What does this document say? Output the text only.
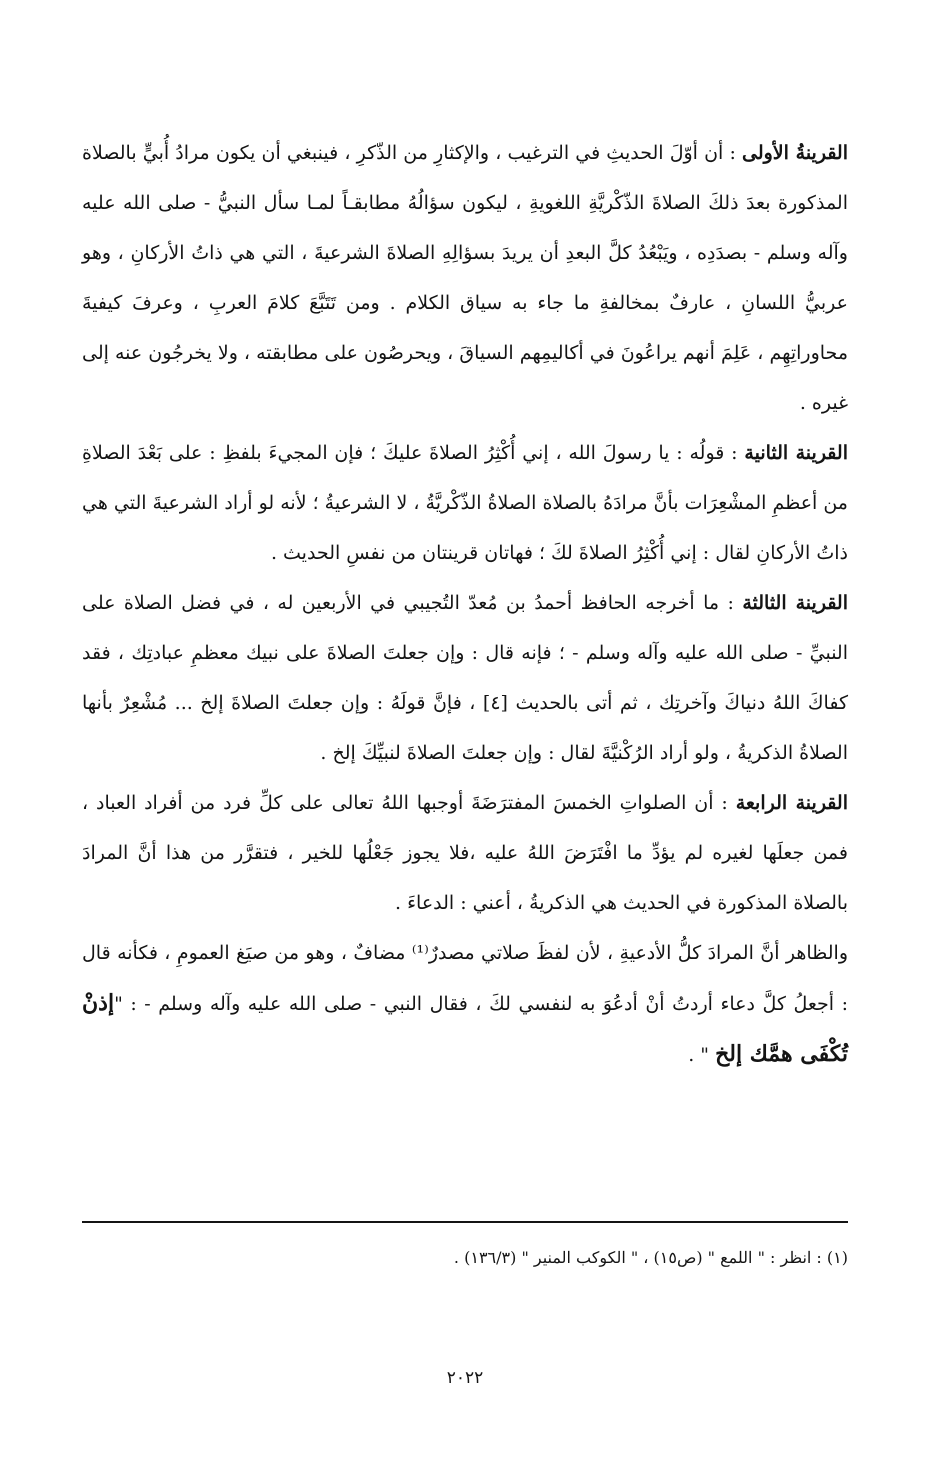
القرينةُ الأولى : أن أوّلَ الحديثِ في الترغيب ، والإكثارِ من الذّكرِ ، فينبغي أن يكون مرادُ أُبيٍّ بالصلاة المذكورة بعدَ ذلكَ الصلاةَ الذّكْريَّةِ اللغويةِ ، ليكون سؤالُهُ مطابقـاً لمـا سأل النبيُّ - صلى الله عليه وآله وسلم - بصدَدِه ، ويَبْعُدُ كلَّ البعدِ أن يريدَ بسؤالِهِ الصلاةَ الشرعيةَ ، التي هي ذاتُ الأركانِ ، وهو عربيُّ اللسانِ ، عارفٌ بمخالفةِ ما جاء به سياق الكلام . ومن تَتَبَّعَ كلامَ العربِ ، وعرفَ كيفيةَ محاوراتِهِم ، عَلِمَ أنهم يراعُونَ في أكاليمِهم السياقَ ، ويحرصُون على مطابقته ، ولا يخرجُون عنه إلى غيره .

القرينة الثانية : قولُه : يا رسولَ الله ، إني أُكْثِرُ الصلاةَ عليكَ ؛ فإن المجيءَ بلفظِ : على بَعْدَ الصلاةِ من أعظمِ المشْعِرَات بأنَّ مرادَهُ بالصلاة الصلاةُ الذّكْريَّةُ ، لا الشرعيةُ ؛ لأنه لو أراد الشرعيةَ التي هي ذاتُ الأركانِ لقال : إني أُكْثِرُ الصلاةَ لكَ ؛ فهاتان قرينتان من نفسِ الحديث .

القرينة الثالثة : ما أخرجه الحافظ أحمدُ بن مُعدّ التُجيبي في الأربعين له ، في فضل الصلاة على النبيِّ - صلى الله عليه وآله وسلم - ؛ فإنه قال : وإن جعلتَ الصلاةَ على نبيك معظمِ عبادتِك ، فقد كفاكَ اللهُ دنياكَ وآخرتِك ، ثم أتى بالحديث [٤] ، فإنَّ قولَهُ : وإن جعلتَ الصلاةَ إلخ ... مُشْعِرٌ بأنها الصلاةُ الذكريةُ ، ولو أراد الرُكْنيَّةَ لقال : وإن جعلتَ الصلاةَ لنبيِّكَ إلخ .

القرينة الرابعة : أن الصلواتِ الخمسَ المفترَضَةَ أوجبها اللهُ تعالى على كلِّ فرد من أفراد العباد ، فمن جعلَها لغيره لم يؤدِّ ما افْتَرَضَ اللهُ عليه ،فلا يجوز جَعْلُها للخير ، فتقرَّر من هذا أنَّ المرادَ بالصلاة المذكورة في الحديث هي الذكريةُ ، أعني : الدعاءَ .

والظاهر أنَّ المرادَ كلُّ الأدعيةِ ، لأن لفظَ صلاتي مصدرٌ⁽¹⁾ مضافٌ ، وهو من صيَغ العمومِ ، فكأنه قال : أجعلُ كلَّ دعاء أردتُ أنْ أدعُوَ به لنفسي لكَ ، فقال النبي - صلى الله عليه وآله وسلم - : "إذنْ تُكْفَى همَّك إلخ " .

(١) : انظر : " اللمع " (ص١٥) ، " الكوكب المنير " (١٣٦/٣) .
٢٠٢٢
